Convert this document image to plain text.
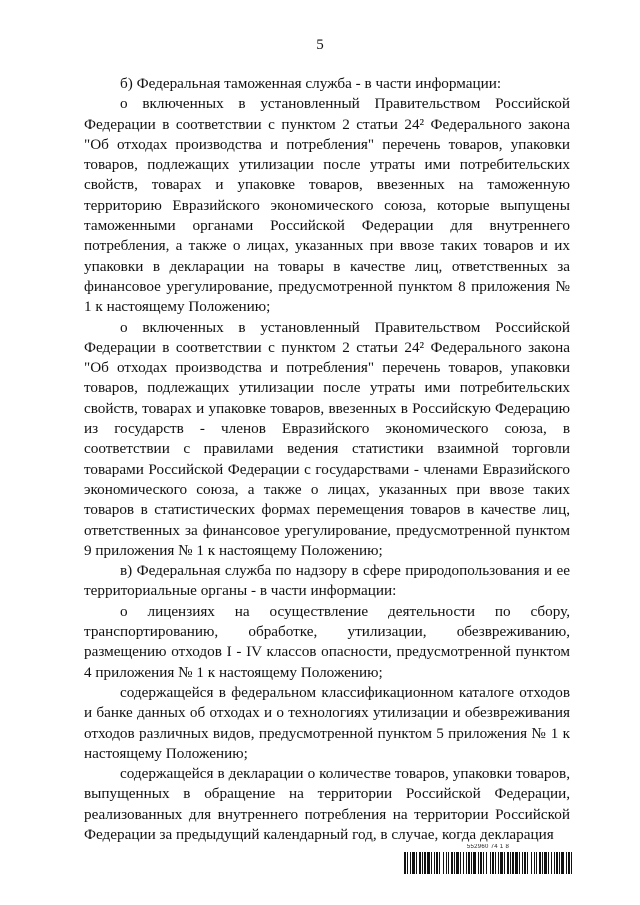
5

б) Федеральная таможенная служба - в части информации:

о включенных в установленный Правительством Российской Федерации в соответствии с пунктом 2 статьи 24² Федерального закона "Об отходах производства и потребления" перечень товаров, упаковки товаров, подлежащих утилизации после утраты ими потребительских свойств, товарах и упаковке товаров, ввезенных на таможенную территорию Евразийского экономического союза, которые выпущены таможенными органами Российской Федерации для внутреннего потребления, а также о лицах, указанных при ввозе таких товаров и их упаковки в декларации на товары в качестве лиц, ответственных за финансовое урегулирование, предусмотренной пунктом 8 приложения № 1 к настоящему Положению;

о включенных в установленный Правительством Российской Федерации в соответствии с пунктом 2 статьи 24² Федерального закона "Об отходах производства и потребления" перечень товаров, упаковки товаров, подлежащих утилизации после утраты ими потребительских свойств, товарах и упаковке товаров, ввезенных в Российскую Федерацию из государств - членов Евразийского экономического союза, в соответствии с правилами ведения статистики взаимной торговли товарами Российской Федерации с государствами - членами Евразийского экономического союза, а также о лицах, указанных при ввозе таких товаров в статистических формах перемещения товаров в качестве лиц, ответственных за финансовое урегулирование, предусмотренной пунктом 9 приложения № 1 к настоящему Положению;

в) Федеральная служба по надзору в сфере природопользования и ее территориальные органы - в части информации:

о лицензиях на осуществление деятельности по сбору, транспортированию, обработке, утилизации, обезвреживанию, размещению отходов I - IV классов опасности, предусмотренной пунктом 4 приложения № 1 к настоящему Положению;

содержащейся в федеральном классификационном каталоге отходов и банке данных об отходах и о технологиях утилизации и обезвреживания отходов различных видов, предусмотренной пунктом 5 приложения № 1 к настоящему Положению;

содержащейся в декларации о количестве товаров, упаковки товаров, выпущенных в обращение на территории Российской Федерации, реализованных для внутреннего потребления на территории Российской Федерации за предыдущий календарный год, в случае, когда декларация

552960 74 1 8
